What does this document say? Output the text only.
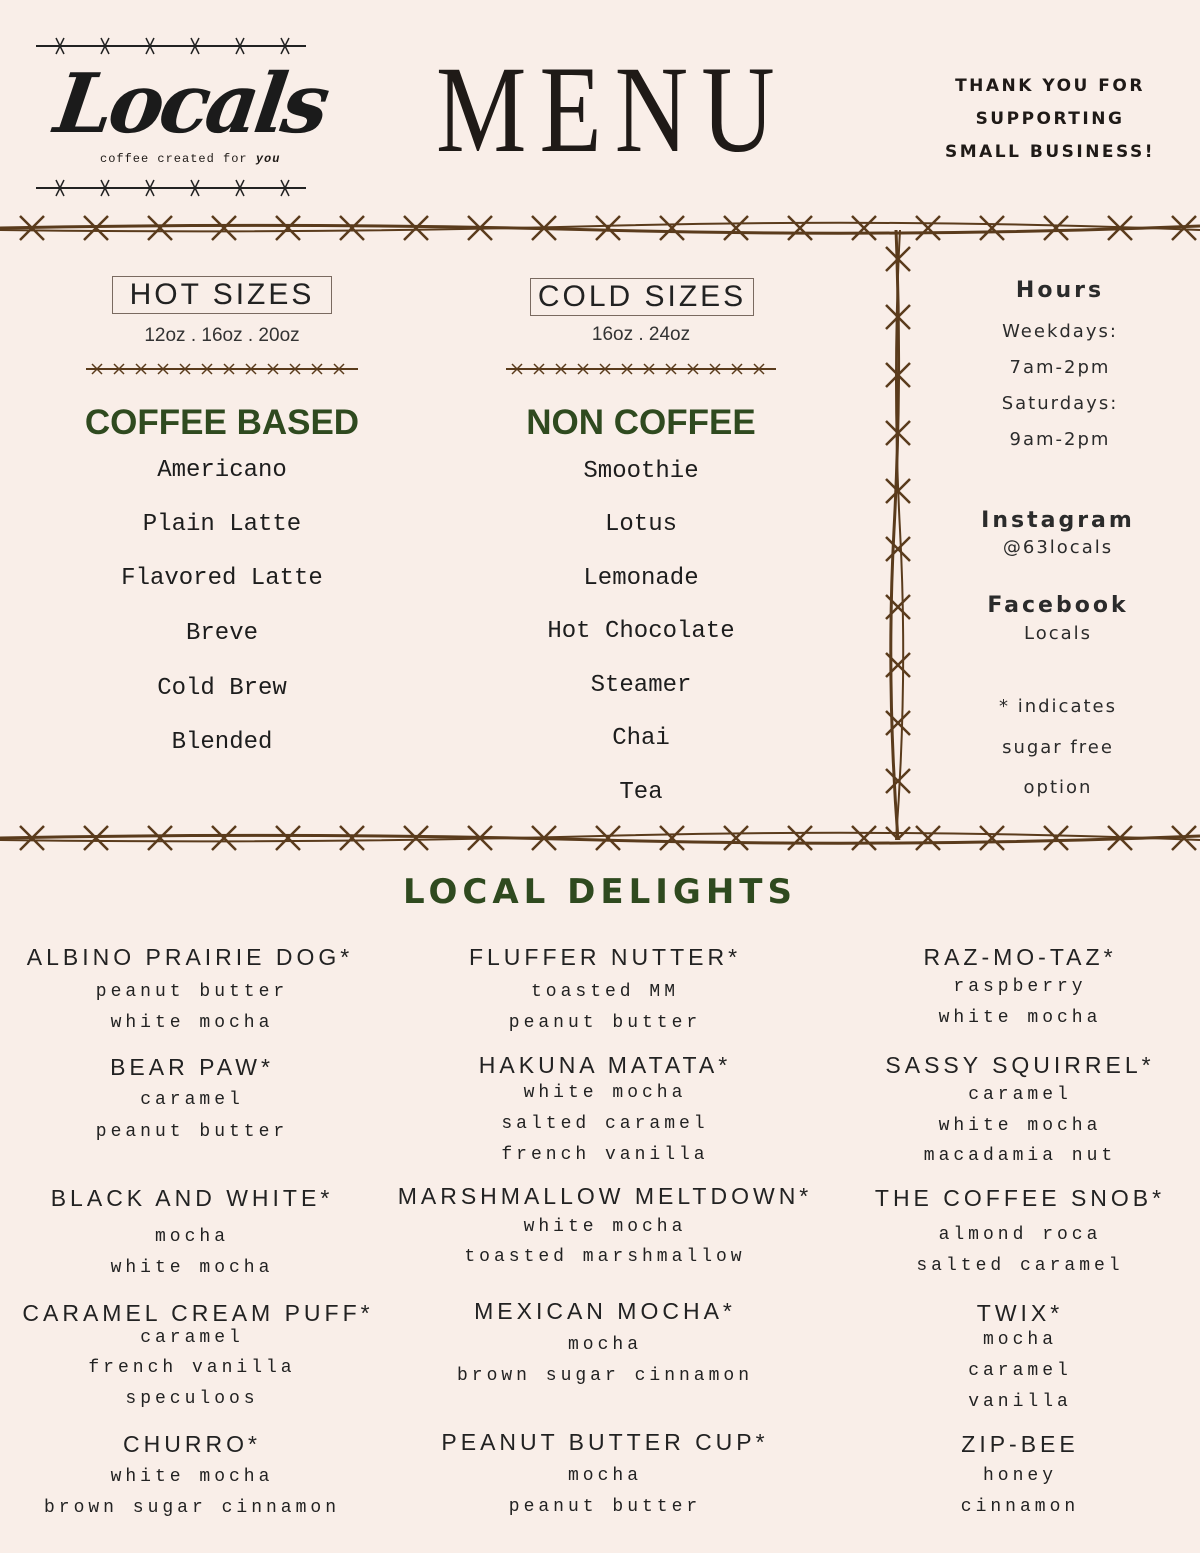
Locals
coffee created for you MENU	THANK YOU FOR
SUPPORTING
SMALL BUSINESS!
HOT SIZES
12oz . 16oz . 20oz
COLD SIZES
16oz . 24oz
COFFEE BASED
Americano
Plain Latte
Flavored Latte
Breve
Cold Brew
Blended
NON COFFEE
Smoothie
Lotus
Lemonade
Hot Chocolate
Steamer
Chai
Tea
Hours
Weekdays:
7am-2pm
Saturdays:
9am-2pm
Instagram
@63locals
Facebook
Locals
* indicates
sugar free
option
LOCAL DELIGHTS
ALBINO PRAIRIE DOG*
peanut butter
white mocha
BEAR PAW*
caramel
peanut butter
BLACK AND WHITE*
mocha
white mocha
CARAMEL CREAM PUFF*
caramel
french vanilla
speculoos
CHURRO*
white mocha
brown sugar cinnamon
FLUFFER NUTTER*
toasted MM
peanut butter
HAKUNA MATATA*
white mocha
salted caramel
french vanilla
MARSHMALLOW MELTDOWN*
white mocha
toasted marshmallow
MEXICAN MOCHA*
mocha
brown sugar cinnamon
PEANUT BUTTER CUP*
mocha
peanut butter
RAZ-MO-TAZ*
raspberry
white mocha
SASSY SQUIRREL*
caramel
white mocha
macadamia nut
THE COFFEE SNOB*
almond roca
salted caramel
TWIX*
mocha
caramel
vanilla
ZIP-BEE
honey
cinnamon
